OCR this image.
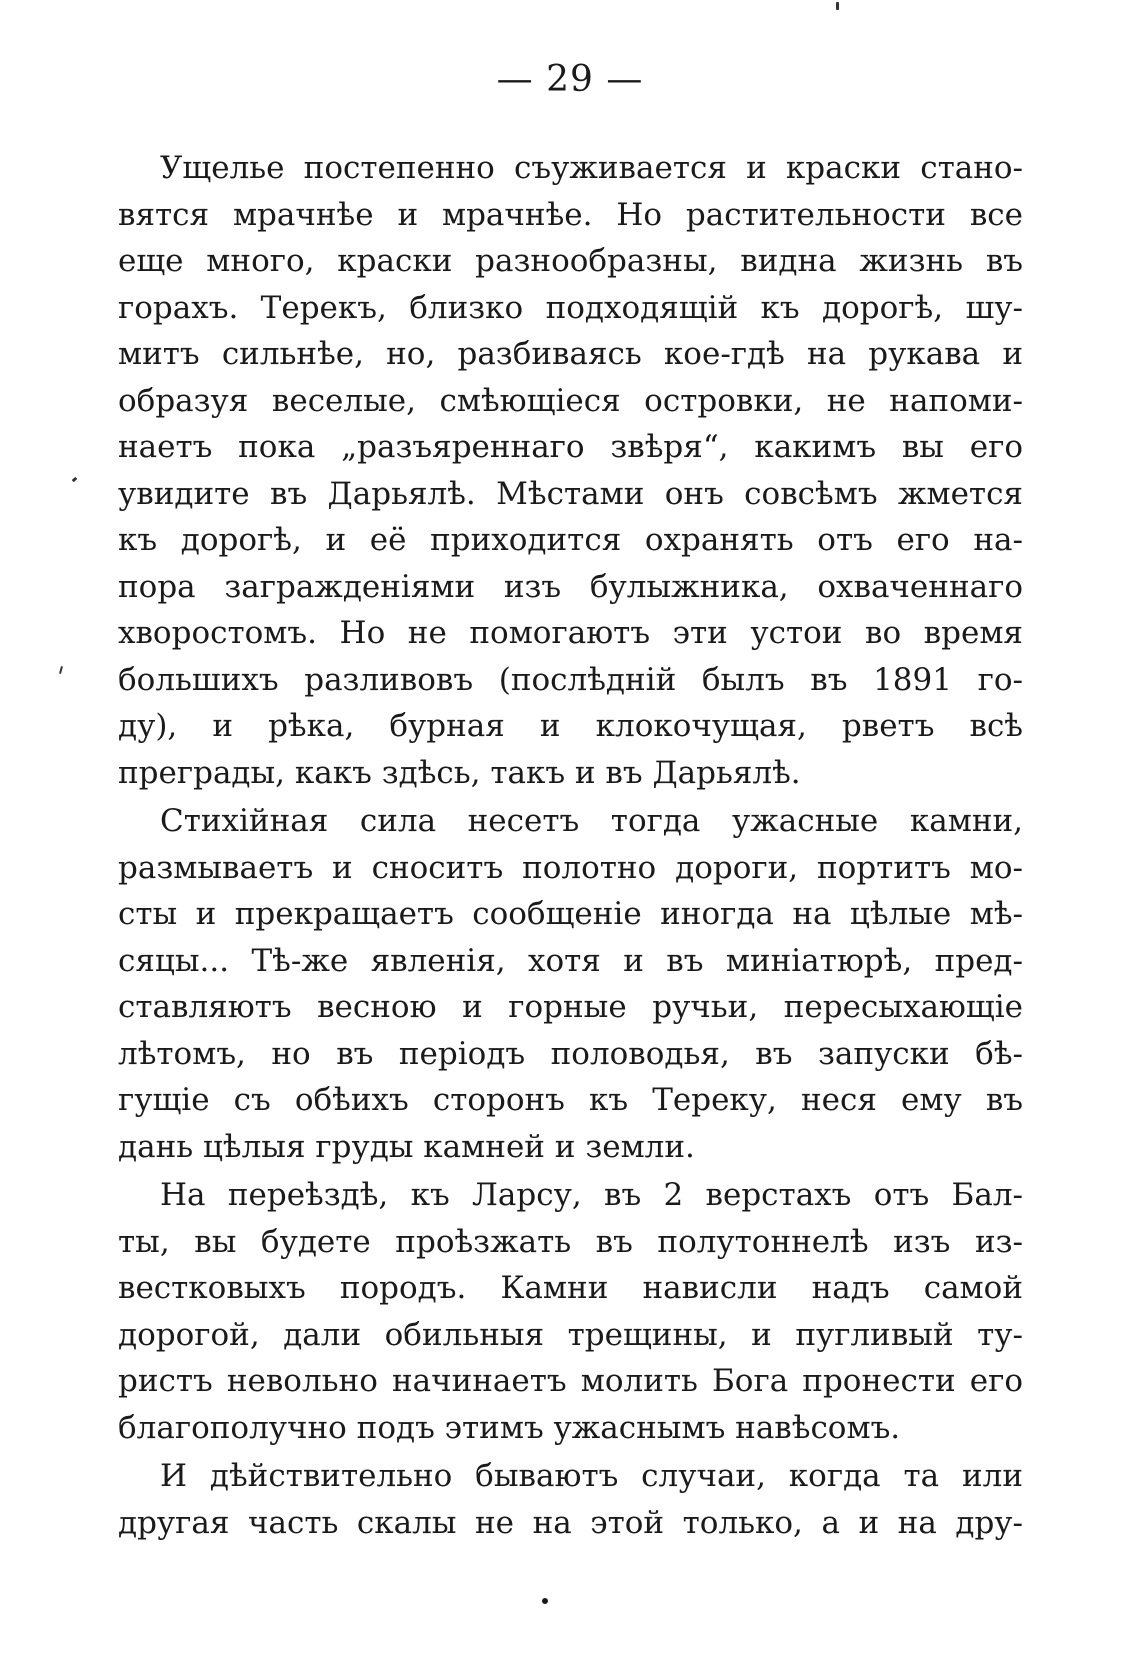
— 29 —
Ущелье постепенно съуживается и краски стано-
вятся мрачнѣе и мрачнѣе. Но растительности все
еще много, краски разнообразны, видна жизнь въ
горахъ. Терекъ, близко подходящій къ дорогѣ, шу-
митъ сильнѣе, но, разбиваясь кое-гдѣ на рукава и
образуя веселые, смѣющіеся островки, не напоми-
наетъ пока „разъяреннаго звѣря“, какимъ вы его
увидите въ Дарьялѣ. Мѣстами онъ совсѣмъ жмется
къ дорогѣ, и её приходится охранять отъ его на-
пора загражденіями изъ булыжника, охваченнаго
хворостомъ. Но не помогаютъ эти устои во время
большихъ разливовъ (послѣдній былъ въ 1891 го-
ду), и рѣка, бурная и клокочущая, рветъ всѣ
преграды, какъ здѣсь, такъ и въ Дарьялѣ.
Стихійная сила несетъ тогда ужасные камни,
размываетъ и сноситъ полотно дороги, портитъ мо-
сты и прекращаетъ сообщеніе иногда на цѣлые мѣ-
сяцы... Тѣ-же явленія, хотя и въ миніатюрѣ, пред-
ставляютъ весною и горные ручьи, пересыхающіе
лѣтомъ, но въ періодъ половодья, въ запуски бѣ-
гущіе съ обѣихъ сторонъ къ Тереку, неся ему въ
дань цѣлыя груды камней и земли.
На переѣздѣ, къ Ларсу, въ 2 верстахъ отъ Бал-
ты, вы будете проѣзжать въ полутоннелѣ изъ из-
вестковыхъ породъ. Камни нависли надъ самой
дорогой, дали обильныя трещины, и пугливый ту-
ристъ невольно начинаетъ молить Бога пронести его
благополучно подъ этимъ ужаснымъ навѣсомъ.
И дѣйствительно бываютъ случаи, когда та или
другая часть скалы не на этой только, а и на дру-
